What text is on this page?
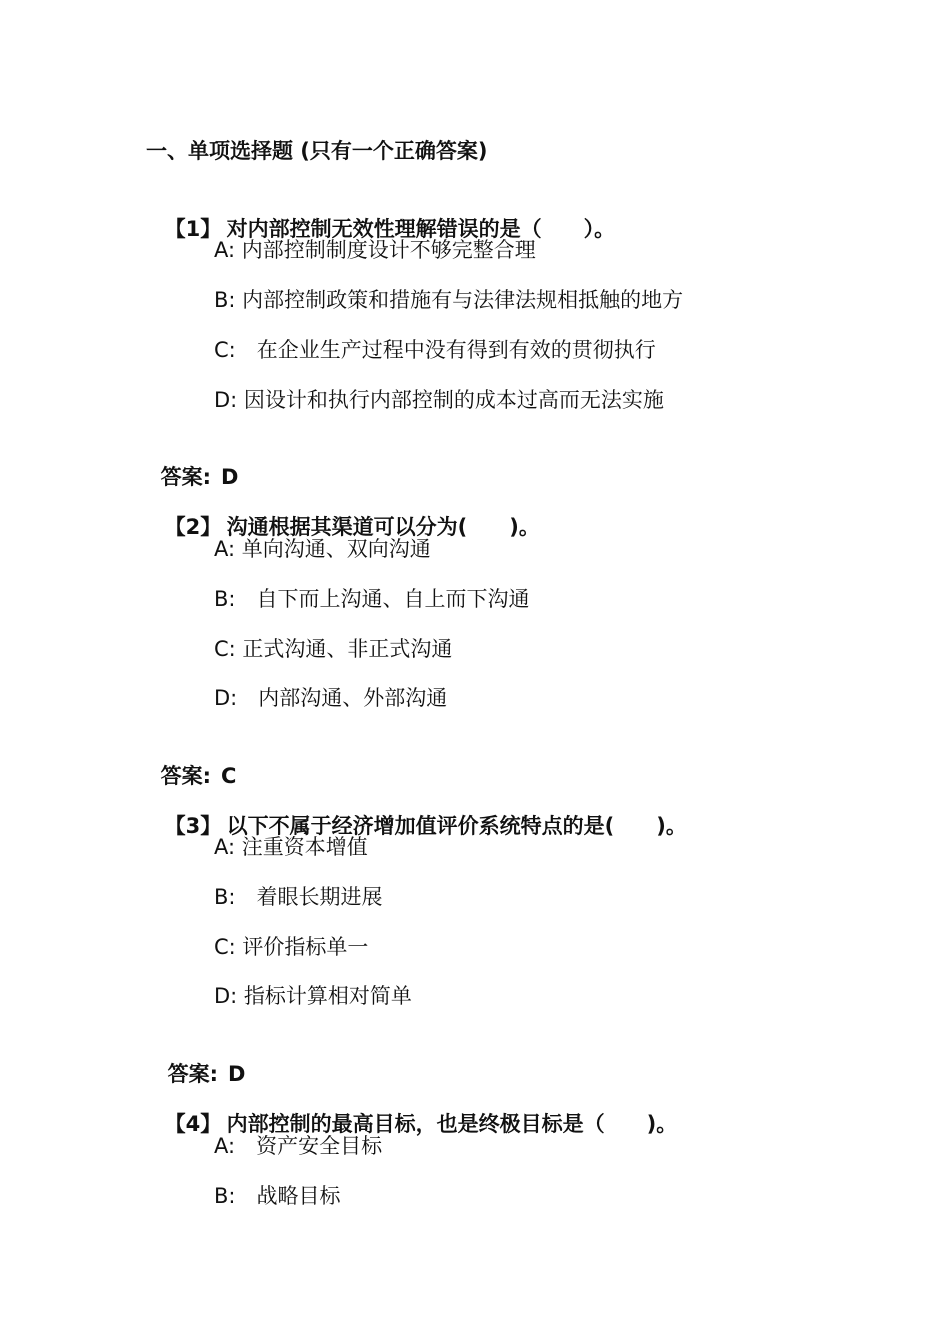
一、单项选择题 (只有一个正确答案)

【1】 对内部控制无效性理解错误的是（　　）。

A: 内部控制制度设计不够完整合理
B: 内部控制政策和措施有与法律法规相抵触的地方
C:　在企业生产过程中没有得到有效的贯彻执行
D: 因设计和执行内部控制的成本过高而无法实施

答案: D

【2】 沟通根据其渠道可以分为(　　)。

A: 单向沟通、双向沟通
B:　自下而上沟通、自上而下沟通
C: 正式沟通、非正式沟通
D:　内部沟通、外部沟通

答案: C

【3】 以下不属于经济增加值评价系统特点的是(　　)。

A: 注重资本增值
B:　着眼长期进展
C: 评价指标单一
D: 指标计算相对简单

答案: D

【4】 内部控制的最高目标，也是终极目标是（　　)。

A:　资产安全目标
B:　战略目标
